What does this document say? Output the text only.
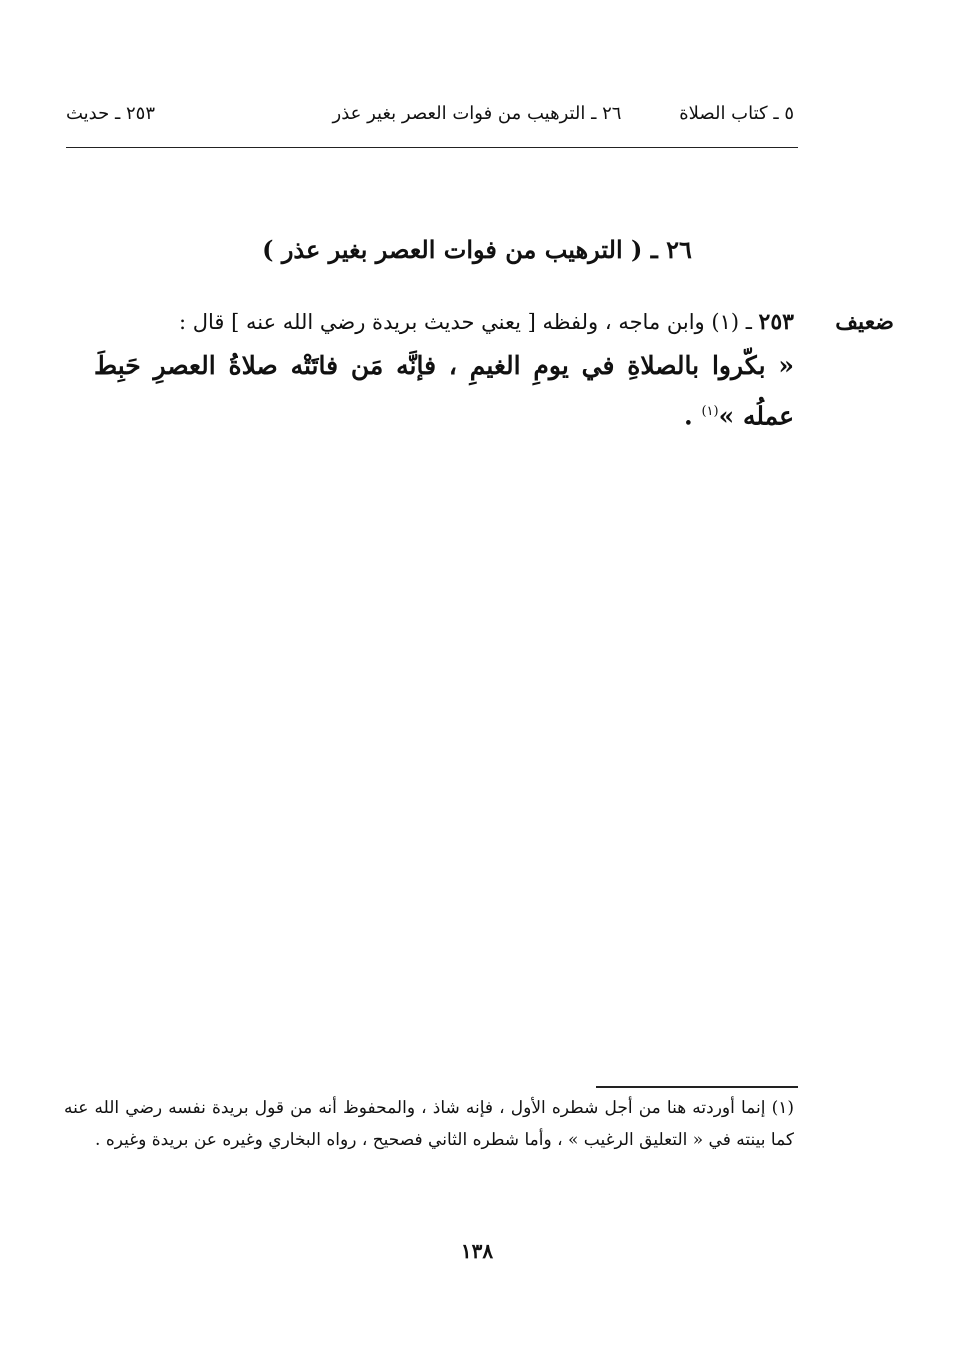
٥ ـ كتاب الصلاة
٢٦ ـ الترهيب من فوات العصر بغير عذر
٢٥٣ ـ حديث
٢٦ ـ ( الترهيب من فوات العصر بغير عذر )
ضعيف
٢٥٣ ـ (١) وابن ماجه ، ولفظه [ يعني حديث بريدة رضي الله عنه ] قال :
« بكّروا بالصلاةِ في يومِ الغيمِ ، فإنَّه مَن فاتَتْه صلاةُ العصرِ حَبِطَ عملُه »$^{(١)}$ .
(١) إنما أوردته هنا من أجل شطره الأول ، فإنه شاذ ، والمحفوظ أنه من قول بريدة نفسه رضي الله عنه كما بينته في « التعليق الرغيب » ، وأما شطره الثاني فصحيح ، رواه البخاري وغيره عن بريدة وغيره .
١٣٨
